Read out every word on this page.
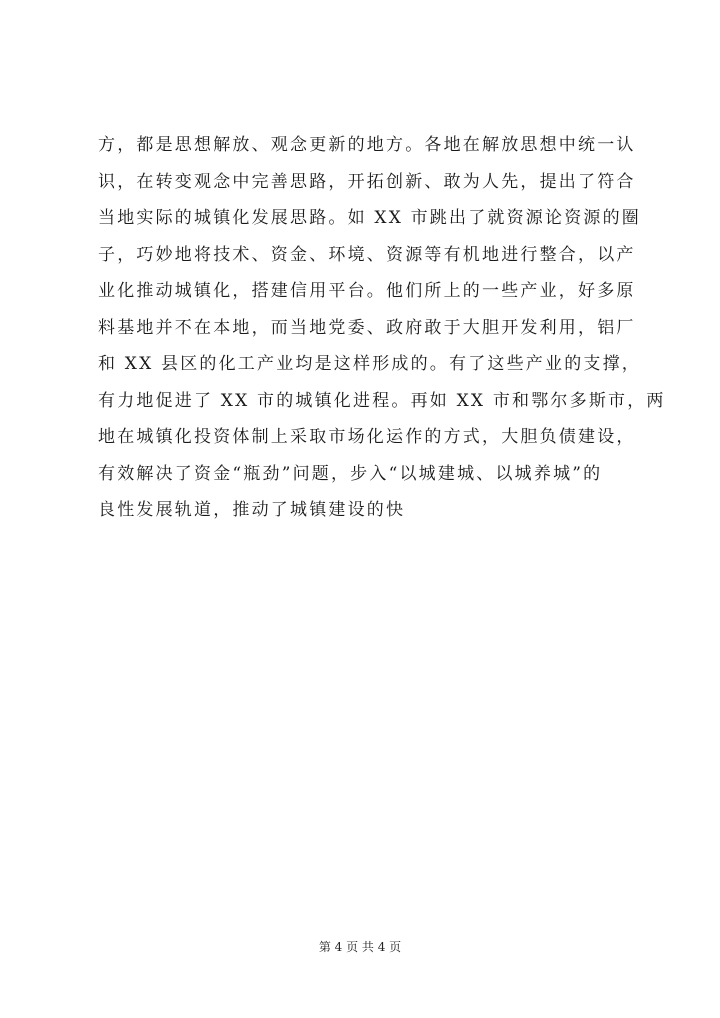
方，都是思想解放、观念更新的地方。各地在解放思想中统一认
识，在转变观念中完善思路，开拓创新、敢为人先，提出了符合
当地实际的城镇化发展思路。如 XX 市跳出了就资源论资源的圈
子，巧妙地将技术、资金、环境、资源等有机地进行整合，以产
业化推动城镇化，搭建信用平台。他们所上的一些产业，好多原
料基地并不在本地，而当地党委、政府敢于大胆开发利用，铝厂
和 XX 县区的化工产业均是这样形成的。有了这些产业的支撑，
有力地促进了 XX 市的城镇化进程。再如 XX 市和鄂尔多斯市，两
地在城镇化投资体制上采取市场化运作的方式，大胆负债建设，
有效解决了资金“瓶劲”问题，步入“以城建城、以城养城”的
良性发展轨道，推动了城镇建设的快
第 4 页 共 4 页
